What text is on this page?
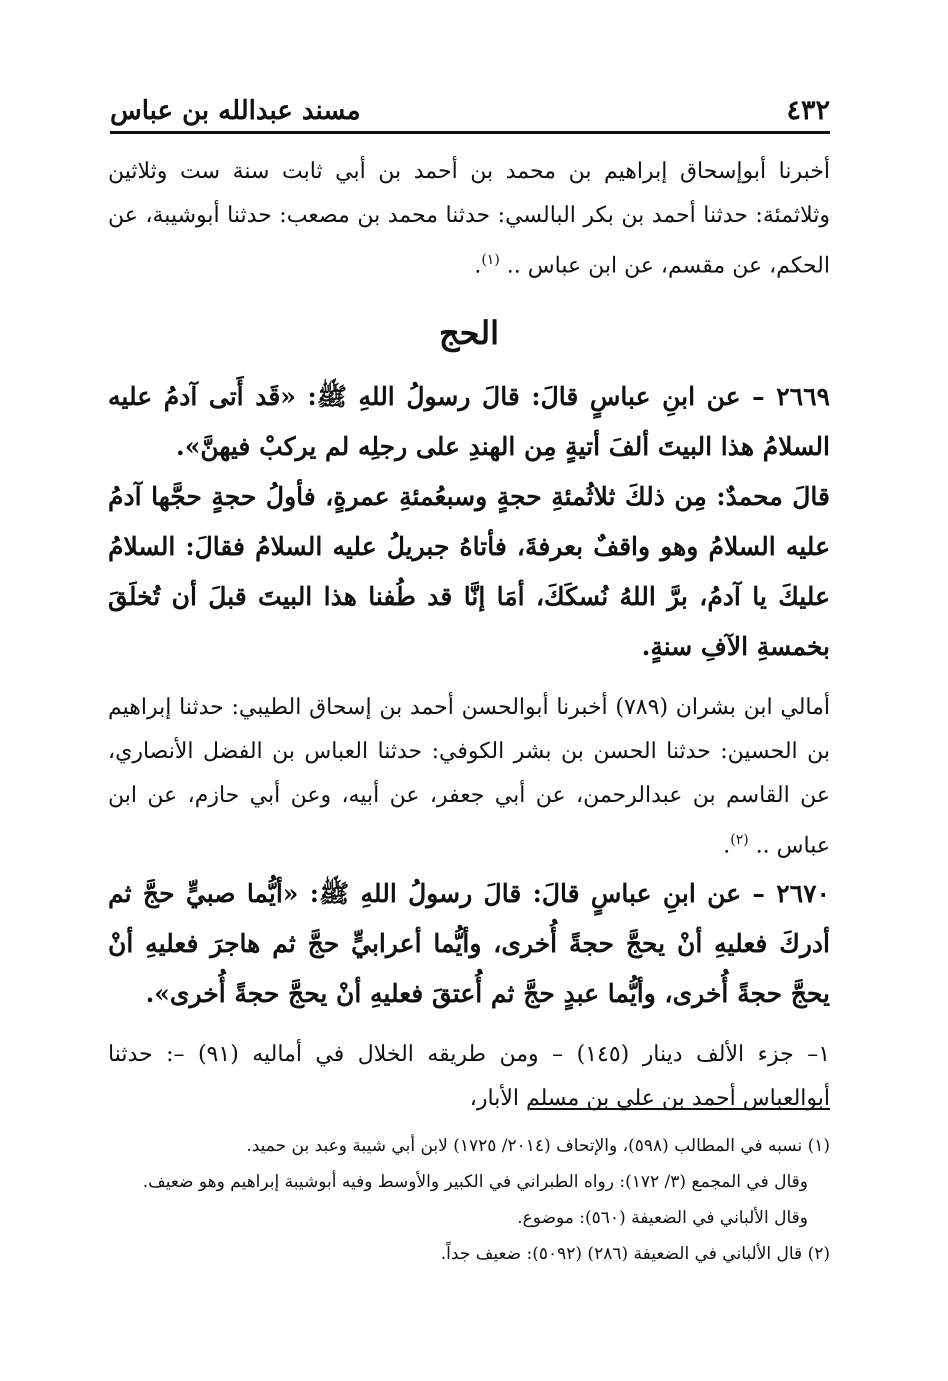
٤٣٢
مسند عبدالله بن عباس

أخبرنا أبوإسحاق إبراهيم بن محمد بن أحمد بن أبي ثابت سنة ست وثلاثين وثلاثمئة: حدثنا أحمد بن بكر البالسي: حدثنا محمد بن مصعب: حدثنا أبوشيبة، عن الحكم، عن مقسم، عن ابن عباس .. $^{(١)}$.

الحج

٢٦٦٩ – عن ابنِ عباسٍ قالَ: قالَ رسولُ اللهِ ﷺ: «قَد أَتى آدمُ عليه السلامُ هذا البيتَ ألفَ أتيةٍ مِن الهندِ على رجلِه لم يركبْ فيهنَّ».

قالَ محمدٌ: مِن ذلكَ ثلاثُمئةِ حجةٍ وسبعُمئةِ عمرةٍ، فأولُ حجةٍ حجَّها آدمُ عليه السلامُ وهو واقفٌ بعرفةَ، فأتاهُ جبريلُ عليه السلامُ فقالَ: السلامُ عليكَ يا آدمُ، برَّ اللهُ نُسكَكَ، أمَا إنَّا قد طُفنا هذا البيتَ قبلَ أن تُخلَقَ بخمسةِ الآفِ سنةٍ.

أمالي ابن بشران (٧٨٩) أخبرنا أبوالحسن أحمد بن إسحاق الطيبي: حدثنا إبراهيم بن الحسين: حدثنا الحسن بن بشر الكوفي: حدثنا العباس بن الفضل الأنصاري، عن القاسم بن عبدالرحمن، عن أبي جعفر، عن أبيه، وعن أبي حازم، عن ابن عباس .. $^{(٢)}$.

٢٦٧٠ – عن ابنِ عباسٍ قالَ: قالَ رسولُ اللهِ ﷺ: «أيُّما صبيٍّ حجَّ ثم أدركَ فعليهِ أنْ يحجَّ حجةً أُخرى، وأيُّما أعرابيٍّ حجَّ ثم هاجرَ فعليهِ أنْ يحجَّ حجةً أُخرى، وأيُّما عبدٍ حجَّ ثم أُعتقَ فعليهِ أنْ يحجَّ حجةً أُخرى».

١– جزء الألف دينار (١٤٥) – ومن طريقه الخلال في أماليه (٩١) –: حدثنا أبوالعباس أحمد بن علي بن مسلم الأبار،

(١) نسبه في المطالب (٥٩٨)، والإتحاف (٢٠١٤/ ١٧٢٥) لابن أبي شيبة وعبد بن حميد.

وقال في المجمع (٣/ ١٧٢): رواه الطبراني في الكبير والأوسط وفيه أبوشيبة إبراهيم وهو ضعيف. وقال الألباني في الضعيفة (٥٦٠): موضوع.

(٢) قال الألباني في الضعيفة (٢٨٦) (٥٠٩٢): ضعيف جداً.
